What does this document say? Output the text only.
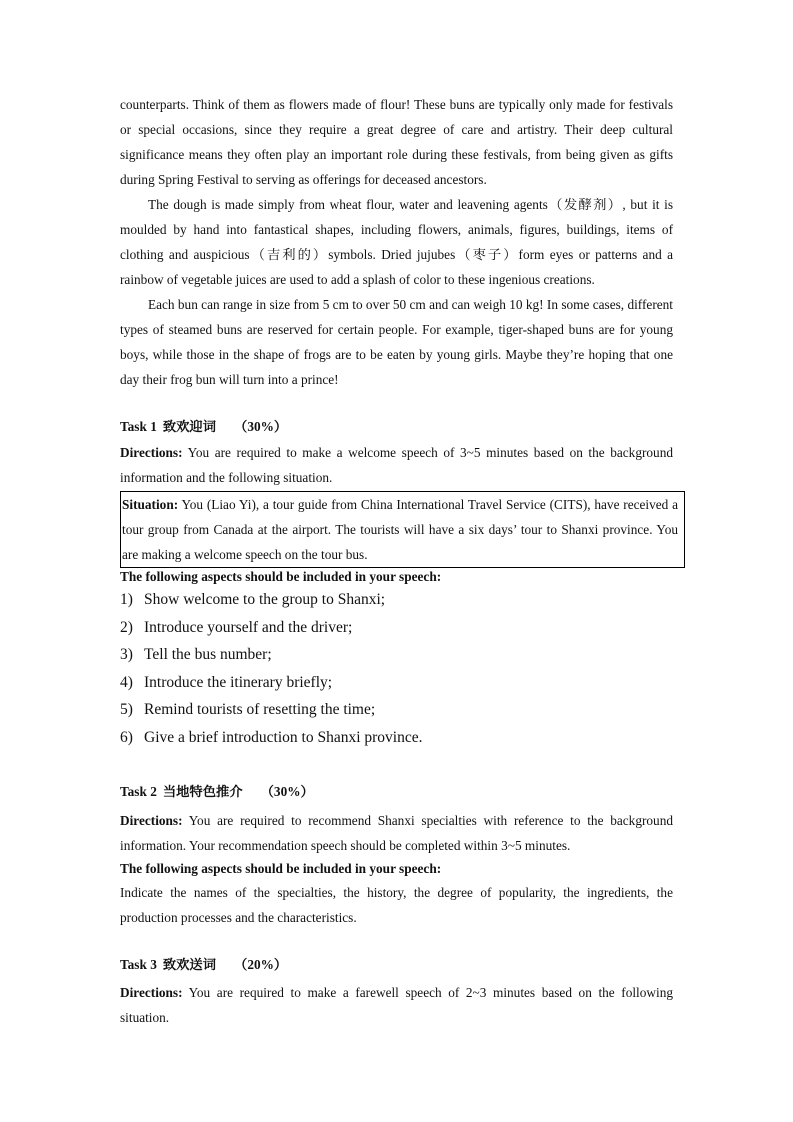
counterparts. Think of them as flowers made of flour! These buns are typically only made for festivals or special occasions, since they require a great degree of care and artistry. Their deep cultural significance means they often play an important role during these festivals, from being given as gifts during Spring Festival to serving as offerings for deceased ancestors.

The dough is made simply from wheat flour, water and leavening agents（发酵剂）, but it is moulded by hand into fantastical shapes, including flowers, animals, figures, buildings, items of clothing and auspicious（吉利的）symbols. Dried jujubes（枣子）form eyes or patterns and a rainbow of vegetable juices are used to add a splash of color to these ingenious creations.

Each bun can range in size from 5 cm to over 50 cm and can weigh 10 kg! In some cases, different types of steamed buns are reserved for certain people. For example, tiger-shaped buns are for young boys, while those in the shape of frogs are to be eaten by young girls. Maybe they’re hoping that one day their frog bun will turn into a prince!

Task 1 致欢迎词 （30%）

Directions: You are required to make a welcome speech of 3~5 minutes based on the background information and the following situation.

Situation: You (Liao Yi), a tour guide from China International Travel Service (CITS), have received a tour group from Canada at the airport. The tourists will have a six days’ tour to Shanxi province. You are making a welcome speech on the tour bus.

The following aspects should be included in your speech:

1) Show welcome to the group to Shanxi;
2) Introduce yourself and the driver;
3) Tell the bus number;
4) Introduce the itinerary briefly;
5) Remind tourists of resetting the time;
6) Give a brief introduction to Shanxi province.

Task 2 当地特色推介 （30%）

Directions: You are required to recommend Shanxi specialties with reference to the background information. Your recommendation speech should be completed within 3~5 minutes.

The following aspects should be included in your speech:

Indicate the names of the specialties, the history, the degree of popularity, the ingredients, the production processes and the characteristics.

Task 3 致欢送词 （20%）

Directions: You are required to make a farewell speech of 2~3 minutes based on the following situation.
